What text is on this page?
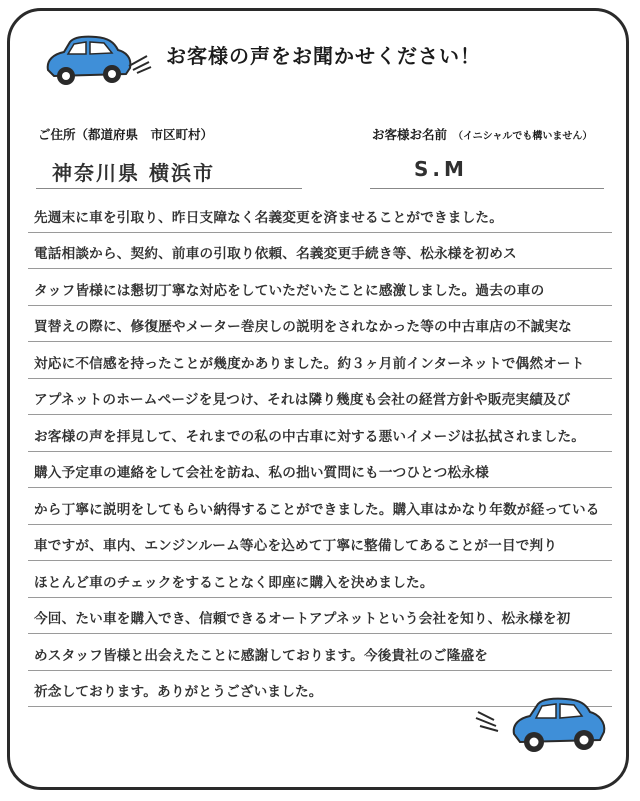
お客様の声をお聞かせください！
ご住所（都道府県　市区町村）	お客様お名前 （イニシャルでも構いません）
神奈川県 横浜市	S.M
先週末に車を引取り、昨日支障なく名義変更を済ませることができました。
電話相談から、契約、前車の引取り依頼、名義変更手続き等、松永様を初めス
タッフ皆様には懇切丁寧な対応をしていただいたことに感激しました。過去の車の
買替えの際に、修復歴やメーター巻戻しの説明をされなかった等の中古車店の不誠実な
対応に不信感を持ったことが幾度かありました。約３ヶ月前インターネットで偶然オート
アプネットのホームページを見つけ、それは隣り幾度も会社の経営方針や販売実績及び
お客様の声を拝見して、それまでの私の中古車に対する悪いイメージは払拭されました。
購入予定車の連絡をして会社を訪ね、私の拙い質問にも一つひとつ松永様
から丁寧に説明をしてもらい納得することができました。購入車はかなり年数が経っている
車ですが、車内、エンジンルーム等心を込めて丁寧に整備してあることが一目で判り
ほとんど車のチェックをすることなく即座に購入を決めました。
今回、たい車を購入でき、信頼できるオートアプネットという会社を知り、松永様を初
めスタッフ皆様と出会えたことに感謝しております。今後貴社のご隆盛を
祈念しております。ありがとうございました。
